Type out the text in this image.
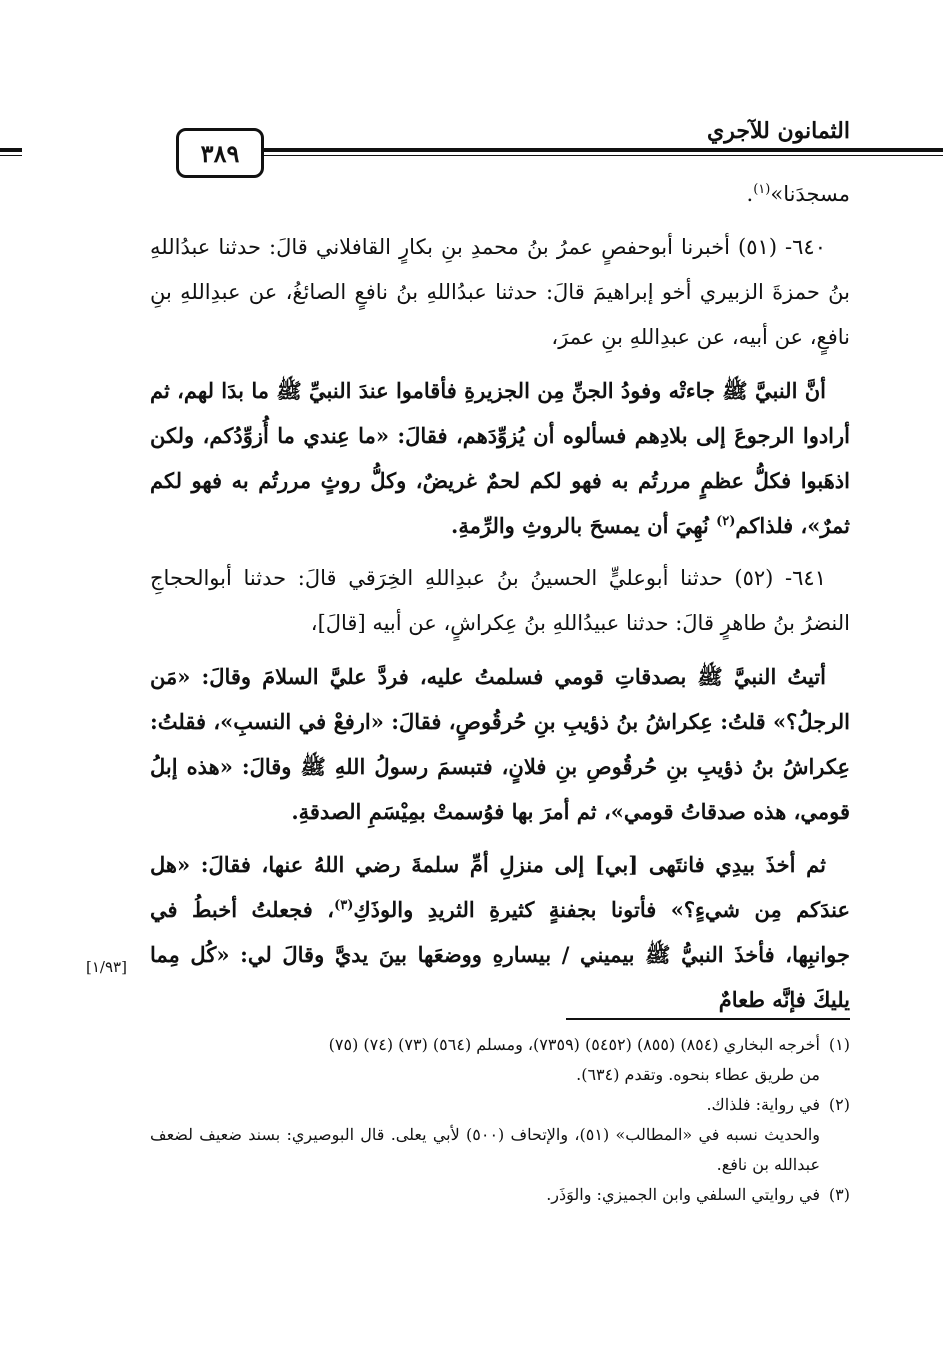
الثمانون للآجري
٣٨٩

مسجدَنا»$^{(١)}$.

٦٤٠- (٥١) أخبرنا أبوحفصٍ عمرُ بنُ محمدِ بنِ بكارٍ القافلاني قالَ: حدثنا عبدُاللهِ بنُ حمزةَ الزبيري أخو إبراهيمَ قالَ: حدثنا عبدُاللهِ بنُ نافعٍ الصائغُ، عن عبدِاللهِ بنِ نافعٍ، عن أبيه، عن عبدِاللهِ بنِ عمرَ،

أنَّ النبيَّ ﷺ جاءتْه وفودُ الجنِّ مِن الجزيرةِ فأقاموا عندَ النبيِّ ﷺ ما بدَا لهم، ثم أرادوا الرجوعَ إلى بلادِهم فسألوه أن يُزوِّدَهم، فقالَ: «ما عِندي ما أُزوِّدُكم، ولكن اذهَبوا فكلُّ عظمٍ مررتُم به فهو لكم لحمٌ غريضٌ، وكلُّ روثٍ مررتُم به فهو لكم ثمرٌ»، فلذاكم$^{(٢)}$ نُهِيَ أن يمسحَ بالروثِ والرِّمةِ.

٦٤١- (٥٢) حدثنا أبوعليٍّ الحسينُ بنُ عبدِاللهِ الخِرَقي قالَ: حدثنا أبوالحجاجِ النضرُ بنُ طاهرٍ قالَ: حدثنا عبيدُاللهِ بنُ عِكراشٍ، عن أبيه [قالَ]،

أتيتُ النبيَّ ﷺ بصدقاتِ قومي فسلمتُ عليه، فردَّ عليَّ السلامَ وقالَ: «مَن الرجلُ؟» قلتُ: عِكراشُ بنُ ذؤيبِ بنِ حُرقُوصٍ، فقالَ: «ارفعْ في النسبِ»، فقلتُ: عِكراشُ بنُ ذؤيبِ بنِ حُرقُوصِ بنِ فلانٍ، فتبسمَ رسولُ اللهِ ﷺ وقالَ: «هذه إبلُ قومي، هذه صدقاتُ قومي»، ثم أمرَ بها فوُسمتْ بمِيْسَمِ الصدقةِ.

ثم أخذَ بيدِي فانتَهى [بي] إلى منزلِ أمِّ سلمةَ رضي اللهُ عنها، فقالَ: «هل عندَكم مِن شيءٍ؟» فأتونا بجفنةٍ كثيرةِ الثريدِ والوذَكِ$^{(٣)}$، فجعلتُ أخبطُ في جوانبِها، فأخذَ النبيُّ ﷺ بيميني / بيسارهِ ووضعَها بينَ يديَّ وقالَ لي: «كُل مِما يليكَ فإنَّه طعامٌ

[١/٩٣]

(١)أخرجه البخاري (٨٥٤) (٨٥٥) (٥٤٥٢) (٧٣٥٩)، ومسلم (٥٦٤) (٧٣) (٧٤) (٧٥)

من طريق عطاء بنحوه. وتقدم (٦٣٤).

(٢)في رواية: فلذاك.

والحديث نسبه في «المطالب» (٥١)، والإتحاف (٥٠٠) لأبي يعلى. قال البوصيري: بسند ضعيف لضعف عبدالله بن نافع.

(٣)في روايتي السلفي وابن الجميزي: والوَذَر.
